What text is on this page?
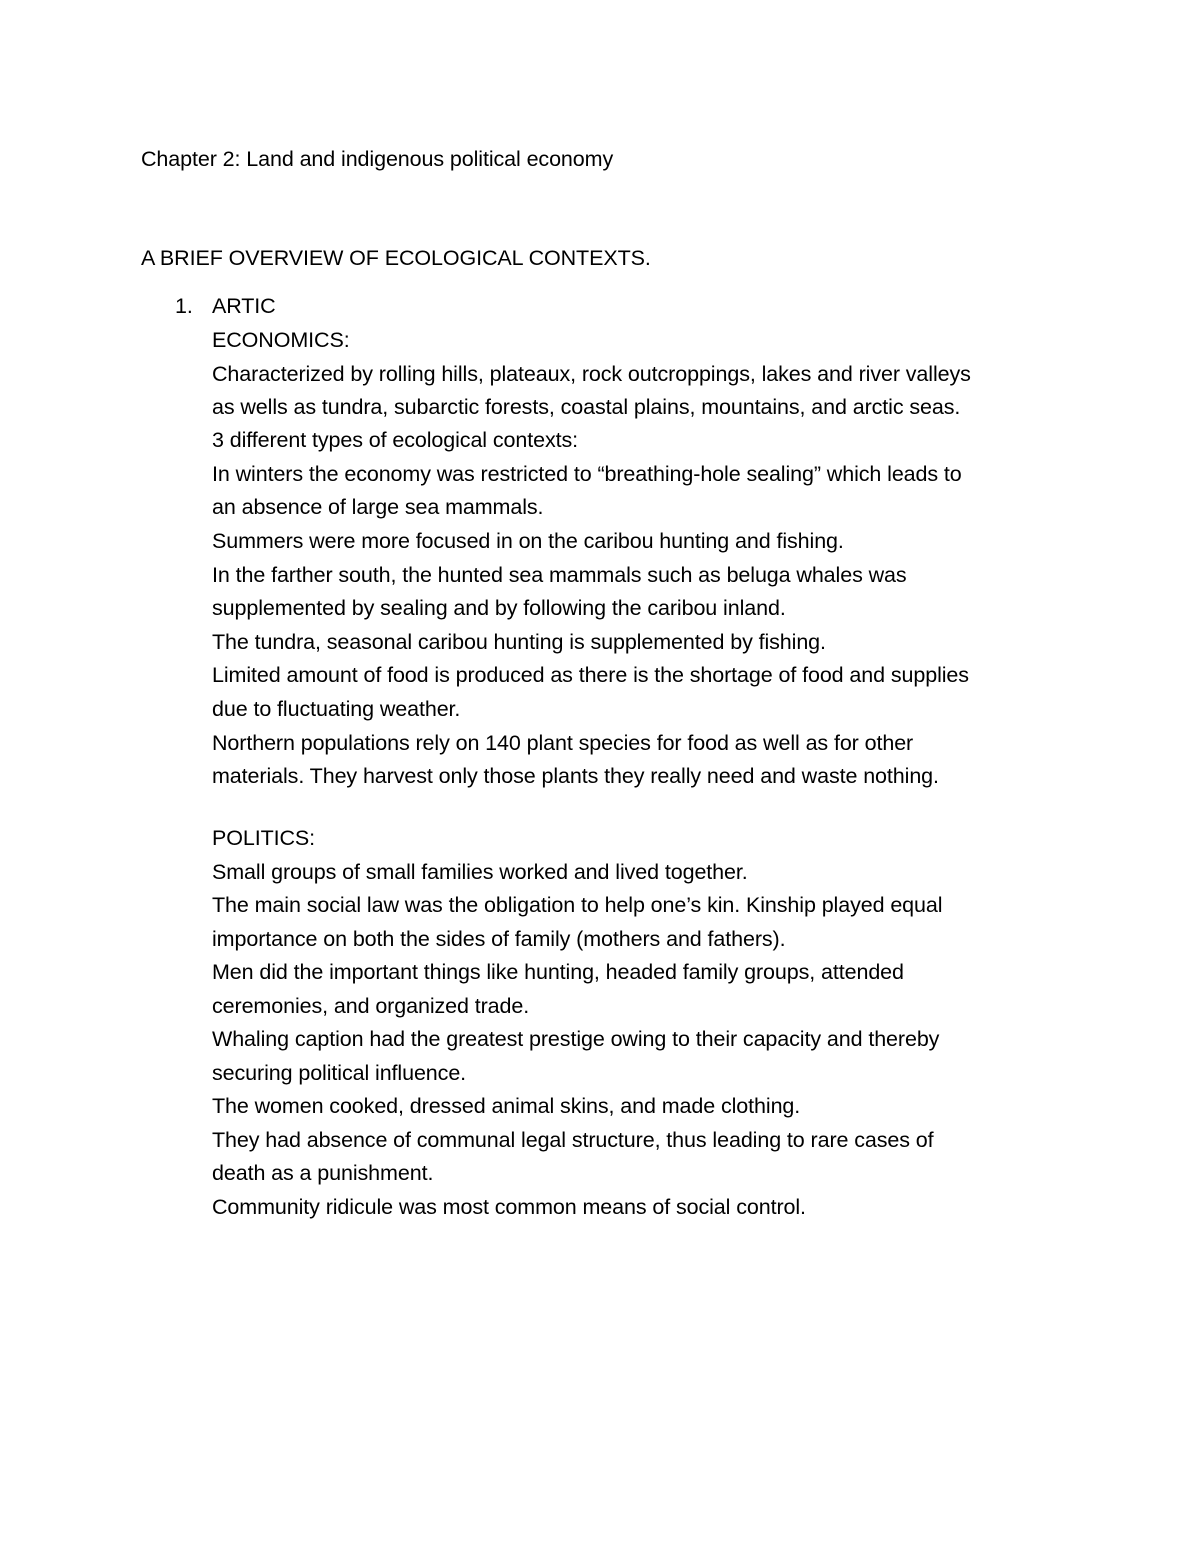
Chapter 2: Land and indigenous political economy
A BRIEF OVERVIEW OF ECOLOGICAL CONTEXTS.
1. ARTIC
ECONOMICS:
Characterized by rolling hills, plateaux, rock outcroppings, lakes and river valleys
as wells as tundra, subarctic forests, coastal plains, mountains, and arctic seas.
3 different types of ecological contexts:
In winters the economy was restricted to “breathing-hole sealing” which leads to
an absence of large sea mammals.
Summers were more focused in on the caribou hunting and fishing.
In the farther south, the hunted sea mammals such as beluga whales was
supplemented by sealing and by following the caribou inland.
The tundra, seasonal caribou hunting is supplemented by fishing.
Limited amount of food is produced as there is the shortage of food and supplies
due to fluctuating weather.
Northern populations rely on 140 plant species for food as well as for other
materials. They harvest only those plants they really need and waste nothing.
POLITICS:
Small groups of small families worked and lived together.
The main social law was the obligation to help one’s kin. Kinship played equal
importance on both the sides of family (mothers and fathers).
Men did the important things like hunting, headed family groups, attended
ceremonies, and organized trade.
Whaling caption had the greatest prestige owing to their capacity and thereby
securing political influence.
The women cooked, dressed animal skins, and made clothing.
They had absence of communal legal structure, thus leading to rare cases of
death as a punishment.
Community ridicule was most common means of social control.
